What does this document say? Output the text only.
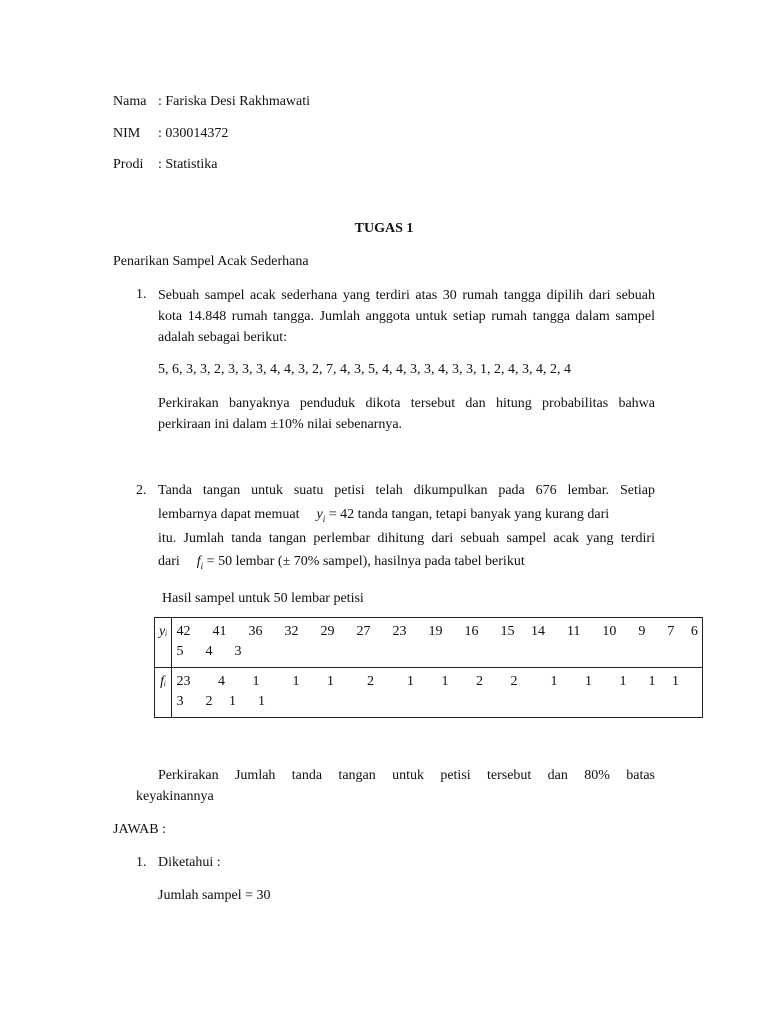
Nama : Fariska Desi Rakhmawati
NIM : 030014372
Prodi : Statistika
TUGAS 1
Penarikan Sampel Acak Sederhana
1. Sebuah sampel acak sederhana yang terdiri atas 30 rumah tangga dipilih dari sebuah kota 14.848 rumah tangga. Jumlah anggota untuk setiap rumah tangga dalam sampel adalah sebagai berikut:
5, 6, 3, 3, 2, 3, 3, 3, 4, 4, 3, 2, 7, 4, 3, 5, 4, 4, 3, 3, 4, 3, 3, 1, 2, 4, 3, 4, 2, 4
Perkirakan banyaknya penduduk dikota tersebut dan hitung probabilitas bahwa perkiraan ini dalam ±10% nilai sebenarnya.
2. Tanda tangan untuk suatu petisi telah dikumpulkan pada 676 lembar. Setiap
lembarnya dapat memuat $y_i = 42$ tanda tangan, tetapi banyak yang kurang dari
itu. Jumlah tanda tangan perlembar dihitung dari sebuah sampel acak yang terdiri
dari $f_i = 50$ lembar (± 70% sampel), hasilnya pada tabel berikut
Hasil sampel untuk 50 lembar petisi
yᵢ	42    41    36    32    29    27    23    19    16    15   14    11    10    9    7   6
5    4    3

fᵢ	23     4     1      1     1      2      1     1     2     2      1     1     1    1   1
3    2   1    1
Perkirakan Jumlah tanda tangan untuk petisi tersebut dan 80% batas
keyakinannya
JAWAB :
1. Diketahui :
Jumlah sampel = 30
